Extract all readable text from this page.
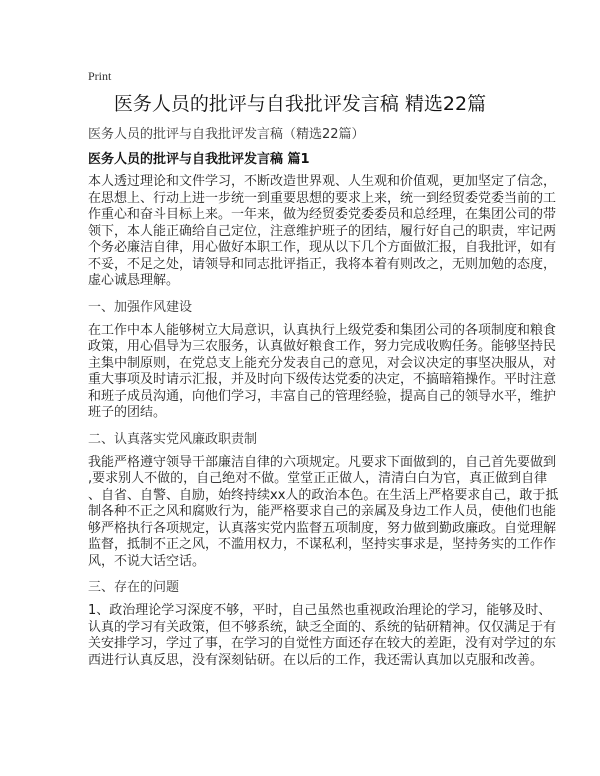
Print
医务人员的批评与自我批评发言稿 精选22篇
医务人员的批评与自我批评发言稿（精选22篇）
医务人员的批评与自我批评发言稿 篇1
本人透过理论和文件学习，不断改造世界观、人生观和价值观，更加坚定了信念，
在思想上、行动上进一步统一到重要思想的要求上来，统一到经贸委党委当前的工
作重心和奋斗目标上来。一年来，做为经贸委党委委员和总经理，在集团公司的带
领下，本人能正确给自己定位，注意维护班子的团结，履行好自己的职责，牢记两
个务必廉洁自律，用心做好本职工作，现从以下几个方面做汇报，自我批评，如有
不妥，不足之处，请领导和同志批评指正，我将本着有则改之，无则加勉的态度，
虚心诚恳理解。
一、加强作风建设
在工作中本人能够树立大局意识，认真执行上级党委和集团公司的各项制度和粮食
政策，用心倡导为三农服务，认真做好粮食工作，努力完成收购任务。能够坚持民
主集中制原则，在党总支上能充分发表自己的意见，对会议决定的事坚决服从，对
重大事项及时请示汇报，并及时向下级传达党委的决定，不搞暗箱操作。平时注意
和班子成员沟通，向他们学习，丰富自己的管理经验，提高自己的领导水平，维护
班子的团结。
二、认真落实党风廉政职责制
我能严格遵守领导干部廉洁自律的六项规定。凡要求下面做到的，自己首先要做到
,要求别人不做的，自己绝对不做。堂堂正正做人，清清白白为官，真正做到自律
、自省、自警、自励，始终持续xx人的政治本色。在生活上严格要求自己，敢于抵
制各种不正之风和腐败行为，能严格要求自己的亲属及身边工作人员，使他们也能
够严格执行各项规定，认真落实党内监督五项制度，努力做到勤政廉政。自觉理解
监督，抵制不正之风，不滥用权力，不谋私利，坚持实事求是，坚持务实的工作作
风，不说大话空话。
三、存在的问题
1、政治理论学习深度不够，平时，自己虽然也重视政治理论的学习，能够及时、
认真的学习有关政策，但不够系统，缺乏全面的、系统的钻研精神。仅仅满足于有
关安排学习，学过了事，在学习的自觉性方面还存在较大的差距，没有对学过的东
西进行认真反思，没有深刻钻研。在以后的工作，我还需认真加以克服和改善。
